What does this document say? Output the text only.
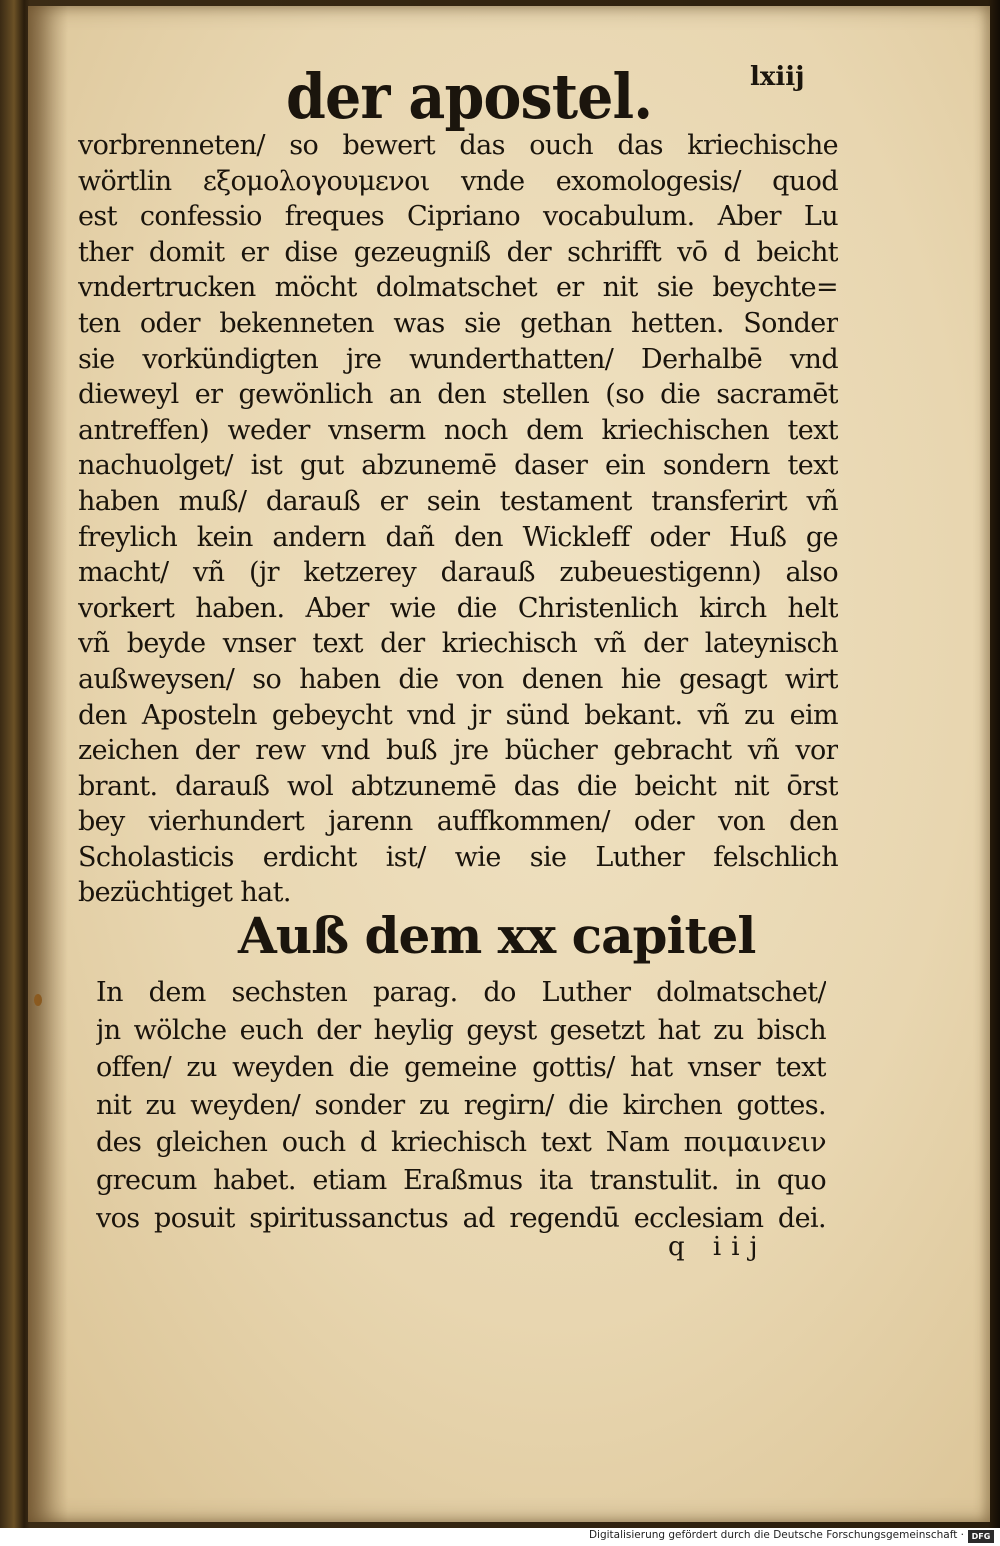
der apostel.	lxiij
vorbrenneten/ so bewert das ouch das kriechische
wörtlin εξομολογουμενοι vnde exomologesis/ quod
est confessio freques Cipriano vocabulum. Aber Lu
ther domit er dise gezeugniß der schrifft vō d beicht
vndertrucken möcht dolmatschet er nit sie beychte=
ten oder bekenneten was sie gethan hetten. Sonder
sie vorkündigten jre wunderthatten/ Derhalbē vnd
dieweyl er gewönlich an den stellen (so die sacramēt
antreffen) weder vnserm noch dem kriechischen text
nachuolget/ ist gut abzunemē daser ein sondern text
haben muß/ darauß er sein testament transferirt vñ
freylich kein andern dañ den Wickleff oder Huß ge
macht/ vñ (jr ketzerey darauß zubeuestigenn) also
vorkert haben. Aber wie die Christenlich kirch helt
vñ beyde vnser text der kriechisch vñ der lateynisch
außweysen/ so haben die von denen hie gesagt wirt
den Aposteln gebeycht vnd jr sünd bekant. vñ zu eim
zeichen der rew vnd buß jre bücher gebracht vñ vor
brant. darauß wol abtzunemē das die beicht nit ōrst
bey vierhundert jarenn auffkommen/ oder von den
Scholasticis erdicht ist/ wie sie Luther felschlich
bezüchtiget hat.
Auß dem xx capitel
In dem sechsten parag. do Luther dolmatschet/
jn wölche euch der heylig geyst gesetzt hat zu bisch
offen/ zu weyden die gemeine gottis/ hat vnser text
nit zu weyden/ sonder zu regirn/ die kirchen gottes.
des gleichen ouch d kriechisch text Nam ποιμαινειν
grecum habet. etiam Eraßmus ita transtulit. in quo
vos posuit spiritussanctus ad regendū ecclesiam dei.
q iij
Digitalisierung gefördert durch die Deutsche Forschungsgemeinschaft · DFG
